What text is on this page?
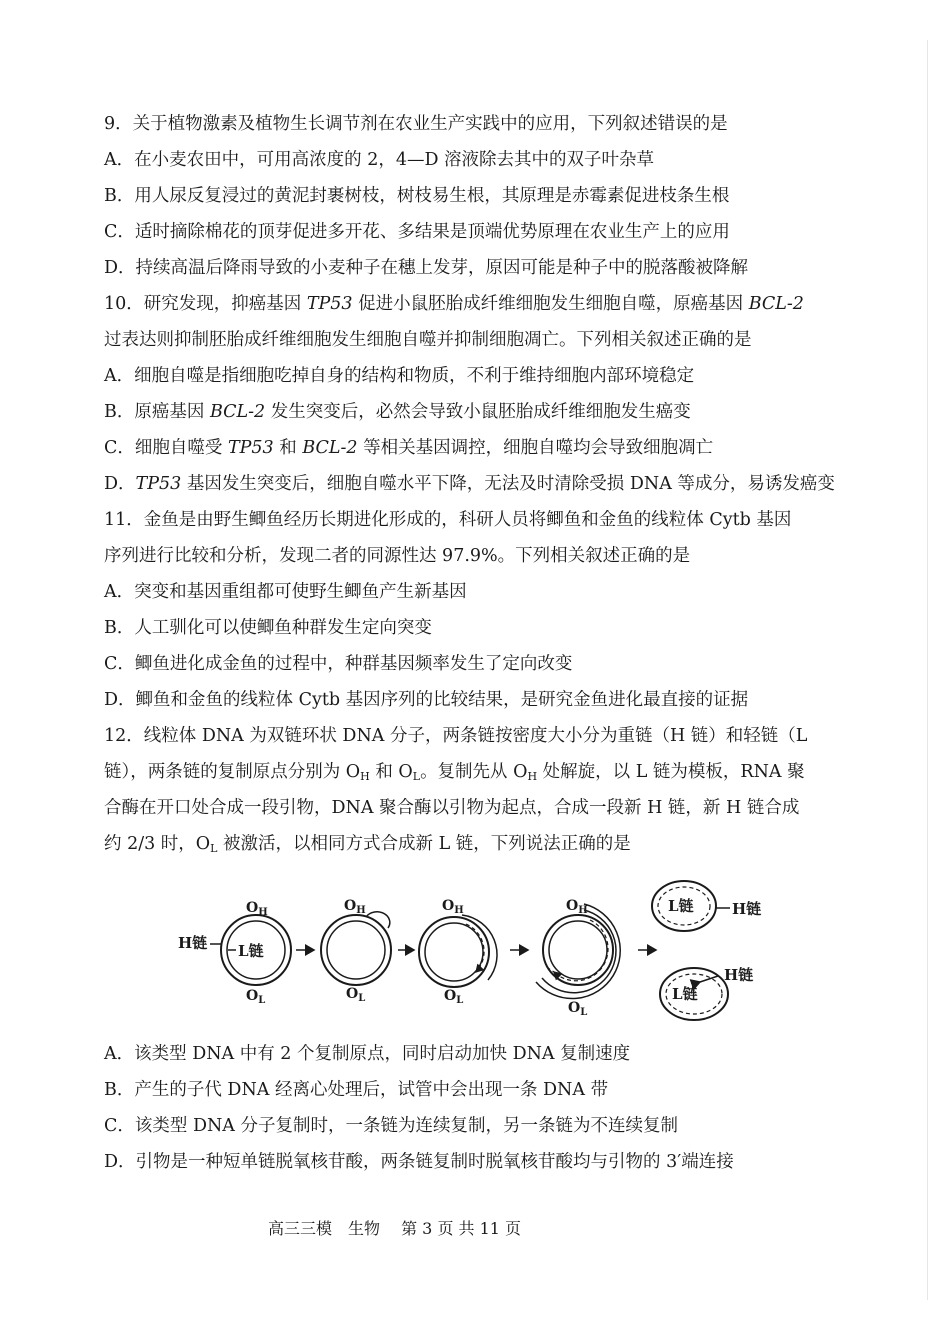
9．关于植物激素及植物生长调节剂在农业生产实践中的应用，下列叙述错误的是
A．在小麦农田中，可用高浓度的 2，4—D 溶液除去其中的双子叶杂草
B．用人尿反复浸过的黄泥封裹树枝，树枝易生根，其原理是赤霉素促进枝条生根
C．适时摘除棉花的顶芽促进多开花、多结果是顶端优势原理在农业生产上的应用
D．持续高温后降雨导致的小麦种子在穗上发芽，原因可能是种子中的脱落酸被降解
10．研究发现，抑癌基因 TP53 促进小鼠胚胎成纤维细胞发生细胞自噬，原癌基因 BCL-2
过表达则抑制胚胎成纤维细胞发生细胞自噬并抑制细胞凋亡。下列相关叙述正确的是
A．细胞自噬是指细胞吃掉自身的结构和物质，不利于维持细胞内部环境稳定
B．原癌基因 BCL-2 发生突变后，必然会导致小鼠胚胎成纤维细胞发生癌变
C．细胞自噬受 TP53 和 BCL-2 等相关基因调控，细胞自噬均会导致细胞凋亡
D．TP53 基因发生突变后，细胞自噬水平下降，无法及时清除受损 DNA 等成分，易诱发癌变
11．金鱼是由野生鲫鱼经历长期进化形成的，科研人员将鲫鱼和金鱼的线粒体 Cytb 基因
序列进行比较和分析，发现二者的同源性达 97.9%。下列相关叙述正确的是
A．突变和基因重组都可使野生鲫鱼产生新基因
B．人工驯化可以使鲫鱼种群发生定向突变
C．鲫鱼进化成金鱼的过程中，种群基因频率发生了定向改变
D．鲫鱼和金鱼的线粒体 Cytb 基因序列的比较结果，是研究金鱼进化最直接的证据
12．线粒体 DNA 为双链环状 DNA 分子，两条链按密度大小分为重链（H 链）和轻链（L
链），两条链的复制原点分别为 $O_H$ 和 $O_L$。复制先从 $O_H$ 处解旋，以 L 链为模板，RNA 聚
合酶在开口处合成一段引物，DNA 聚合酶以引物为起点，合成一段新 H 链，新 H 链合成
约 2/3 时，$O_L$ 被激活，以相同方式合成新 L 链，下列说法正确的是
H链 L链
$O_H$
$O_L$
$O_H$
$O_L$
$O_H$
$O_L$
$O_H$
$O_L$
L链	H链
L链
H链
A．该类型 DNA 中有 2 个复制原点，同时启动加快 DNA 复制速度
B．产生的子代 DNA 经离心处理后，试管中会出现一条 DNA 带
C．该类型 DNA 分子复制时，一条链为连续复制，另一条链为不连续复制
D．引物是一种短单链脱氧核苷酸，两条链复制时脱氧核苷酸均与引物的 3′端连接
高三三模　生物　 第 3 页 共 11 页
